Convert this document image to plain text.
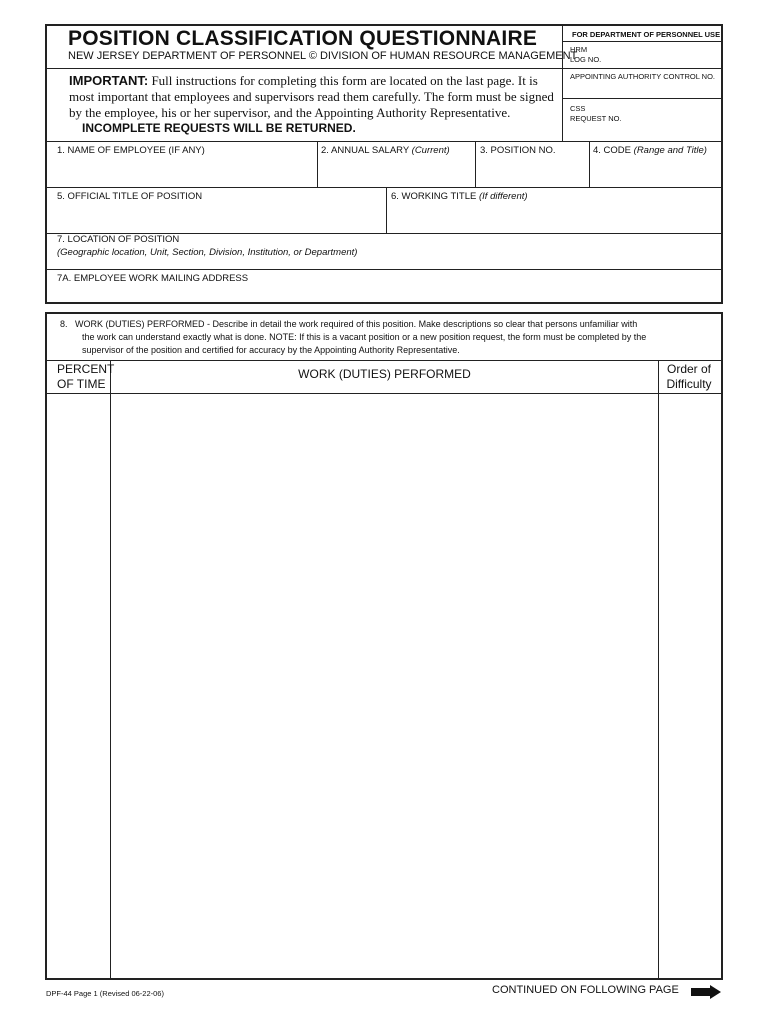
POSITION CLASSIFICATION QUESTIONNAIRE
NEW JERSEY DEPARTMENT OF PERSONNEL © DIVISION OF HUMAN RESOURCE MANAGEMENT
IMPORTANT: Full instructions for completing this form are located on the last page. It is most important that employees and supervisors read them carefully. The form must be signed by the employee, his or her supervisor, and the Appointing Authority Representative.
INCOMPLETE REQUESTS WILL BE RETURNED.
FOR DEPARTMENT OF PERSONNEL USE
HRM
LOG NO.
APPOINTING AUTHORITY CONTROL NO.
CSS
REQUEST NO.
1. NAME OF EMPLOYEE (IF ANY)	2. ANNUAL SALARY (Current)	3. POSITION NO.	4. CODE (Range and Title)
5. OFFICIAL TITLE OF POSITION	6. WORKING TITLE (If different)
7. LOCATION OF POSITION
(Geographic location, Unit, Section, Division, Institution, or Department)
7A. EMPLOYEE WORK MAILING ADDRESS
8. WORK (DUTIES) PERFORMED - Describe in detail the work required of this position. Make descriptions so clear that persons unfamiliar with
the work can understand exactly what is done. NOTE: If this is a vacant position or a new position request, the form must be completed by the
supervisor of the position and certified for accuracy by the Appointing Authority Representative.
PERCENT
OF TIME
WORK (DUTIES) PERFORMED	Order of
Difficulty
DPF-44 Page 1 (Revised 06-22-06)	CONTINUED ON FOLLOWING PAGE
